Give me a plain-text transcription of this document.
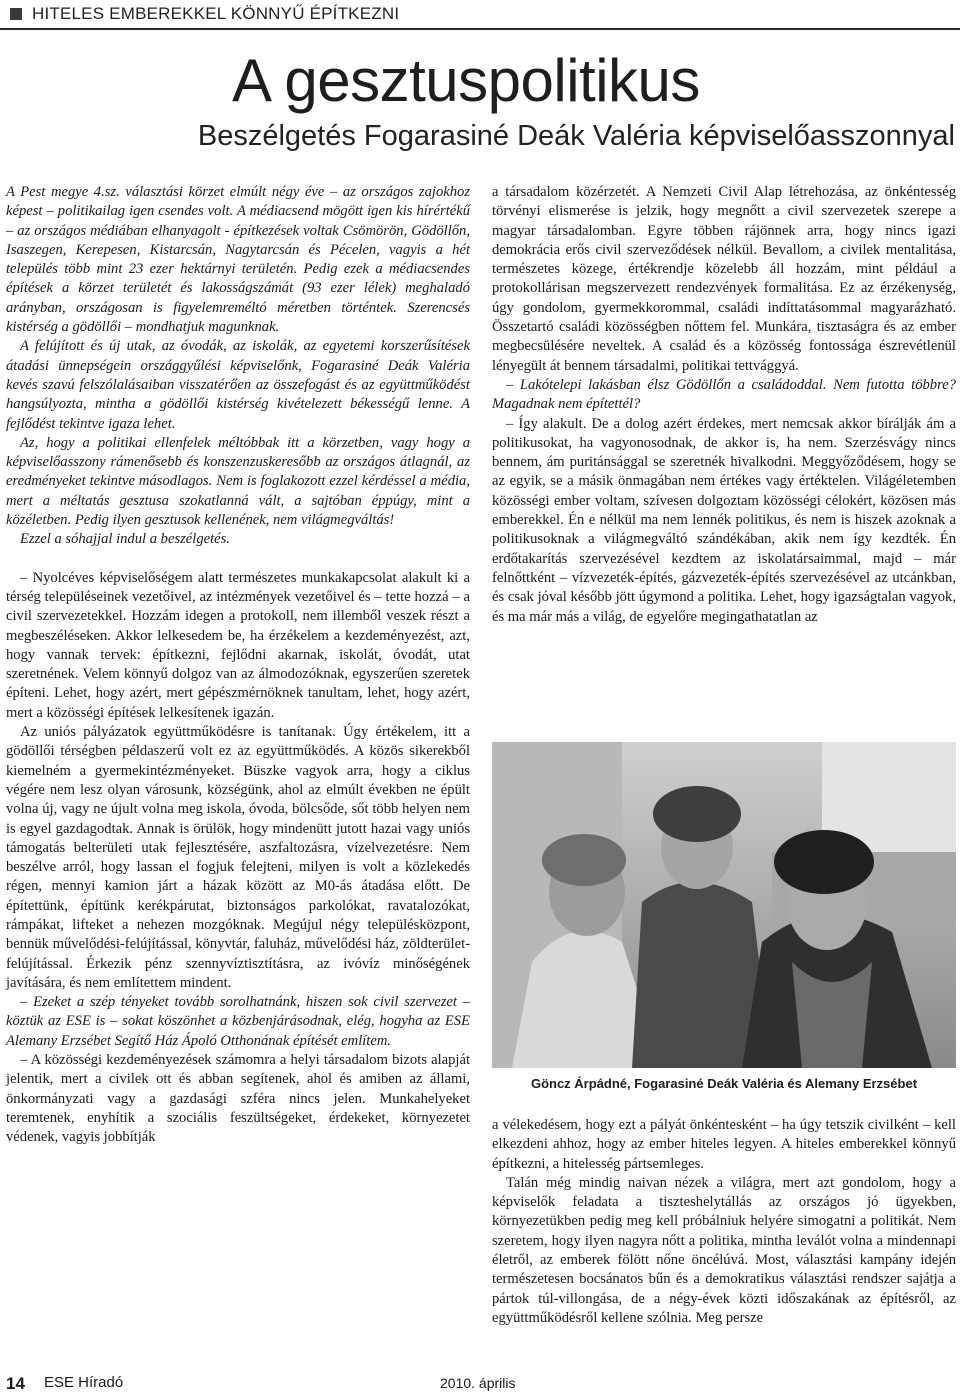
HITELES EMBEREKKEL KÖNNYŰ ÉPÍTKEZNI
A gesztuspolitikus
Beszélgetés Fogarasiné Deák Valéria képviselőasszonnyal

A Pest megye 4.sz. választási körzet elmúlt négy éve – az országos zajokhoz képest – politikailag igen csendes volt. A médiacsend mögött igen kis hírértékű – az országos médiában elhanyagolt - építkezések voltak Csömörön, Gödöllőn, Isaszegen, Kerepesen, Kistarcsán, Nagytarcsán és Pécelen, vagyis a hét település több mint 23 ezer hektárnyi területén. Pedig ezek a médiacsendes építések a körzet területét és lakosságszámát (93 ezer lélek) meghaladó arányban, országosan is figyelemreméltó méretben történtek. Szerencsés kistérség a gödöllői – mondhatjuk magunknak.

A felújított és új utak, az óvodák, az iskolák, az egyetemi korszerűsítések átadási ünnepségein országgyűlési képviselőnk, Fogarasiné Deák Valéria kevés szavú felszólalásaiban visszatérően az összefogást és az együttműködést hangsúlyozta, mintha a gödöllői kistérség kivételezett békességű lenne. A fejlődést tekintve igaza lehet.

Az, hogy a politikai ellenfelek méltóbbak itt a körzetben, vagy hogy a képviselőasszony rámenősebb és konszenzuskeresőbb az országos átlagnál, az eredményeket tekintve másodlagos. Nem is foglakozott ezzel kérdéssel a média, mert a méltatás gesztusa szokatlanná vált, a sajtóban éppúgy, mint a közéletben. Pedig ilyen gesztusok kellenének, nem világmegváltás!

Ezzel a sóhajjal indul a beszélgetés.

– Nyolcéves képviselőségem alatt természetes munkakapcsolat alakult ki a térség településeinek vezetőivel, az intézmények vezetőivel és – tette hozzá – a civil szervezetekkel. Hozzám idegen a protokoll, nem illemből veszek részt a megbeszéléseken. Akkor lelkesedem be, ha érzékelem a kezdeményezést, azt, hogy vannak tervek: építkezni, fejlődni akarnak, iskolát, óvodát, utat szeretnének. Velem könnyű dolgoz van az álmodozóknak, egyszerűen szeretek építeni. Lehet, hogy azért, mert gépészmérnöknek tanultam, lehet, hogy azért, mert a közösségi építések lelkesítenek igazán.

Az uniós pályázatok együttműködésre is tanítanak. Úgy értékelem, itt a gödöllői térségben példaszerű volt ez az együttműködés. A közös sikerekből kiemelném a gyermekintézményeket. Büszke vagyok arra, hogy a ciklus végére nem lesz olyan városunk, községünk, ahol az elmúlt években ne épült volna új, vagy ne újult volna meg iskola, óvoda, bölcsőde, sőt több helyen nem is egyel gazdagodtak. Annak is örülök, hogy mindenütt jutott hazai vagy uniós támogatás belterületi utak fejlesztésére, aszfaltozásra, vízelvezetésre. Nem beszélve arról, hogy lassan el fogjuk felejteni, milyen is volt a közlekedés régen, mennyi kamion járt a házak között az M0-ás átadása előtt. De építettünk, építünk kerékpárutat, biztonságos parkolókat, ravatalozókat, rámpákat, lifteket a nehezen mozgóknak. Megújul négy településközpont, bennük művelődési-felújítással, könyvtár, faluház, művelődési ház, zöldterület-felújítással. Érkezik pénz szennyvíztisztításra, az ivóvíz minőségének javítására, és nem említettem mindent.

– Ezeket a szép tényeket tovább sorolhatnánk, hiszen sok civil szervezet – köztük az ESE is – sokat köszönhet a közbenjárásodnak, elég, hogyha az ESE Alemany Erzsébet Segítő Ház Ápoló Otthonának építését említem.

– A közösségi kezdeményezések számomra a helyi társadalom bizots alapját jelentik, mert a civilek ott és abban segítenek, ahol és amiben az állami, önkormányzati vagy a gazdasági szféra nincs jelen. Munkahelyeket teremtenek, enyhítik a szociális feszültségeket, érdekeket, környezetet védenek, vagyis jobbítják

a társadalom közérzetét. A Nemzeti Civil Alap létrehozása, az önkéntesség törvényi elismerése is jelzik, hogy megnőtt a civil szervezetek szerepe a magyar társadalomban. Egyre többen rájönnek arra, hogy nincs igazi demokrácia erős civil szerveződések nélkül. Bevallom, a civilek mentalitása, természetes közege, értékrendje közelebb áll hozzám, mint például a protokollárisan megszervezett rendezvények formalitása. Ez az érzékenység, úgy gondolom, gyermekkorommal, családi indíttatásommal magyarázható. Összetartó családi közösségben nőttem fel. Munkára, tisztaságra és az ember megbecsülésére neveltek. A család és a közösség fontossága észrevétlenül lényegült át bennem társadalmi, politikai tettvággyá.

– Lakótelepi lakásban élsz Gödöllőn a családoddal. Nem futotta többre? Magadnak nem építettél?

– Így alakult. De a dolog azért érdekes, mert nemcsak akkor bírálják ám a politikusokat, ha vagyonosodnak, de akkor is, ha nem. Szerzésvágy nincs bennem, ám puritánsággal se szeretnék hivalkodni. Meggyőződésem, hogy se az egyik, se a másik önmagában nem értékes vagy értéktelen. Világéletemben közösségi ember voltam, szívesen dolgoztam közösségi célokért, közösen más emberekkel. Én e nélkül ma nem lennék politikus, és nem is hiszek azoknak a politikusoknak a világmegváltó szándékában, akik nem így kezdték. Én erdőtakarítás szervezésével kezdtem az iskolatársaimmal, majd – már felnőttként – vízvezeték-építés, gázvezeték-építés szervezésével az utcánkban, és csak jóval később jött úgymond a politika. Lehet, hogy igazságtalan vagyok, és ma már más a világ, de egyelőre megingathatatlan az

Göncz Árpádné, Fogarasiné Deák Valéria és Alemany Erzsébet

a vélekedésem, hogy ezt a pályát önkéntesként – ha úgy tetszik civilként – kell elkezdeni ahhoz, hogy az ember hiteles legyen. A hiteles emberekkel könnyű építkezni, a hitelesség pártsemleges.

Talán még mindig naivan nézek a világra, mert azt gondolom, hogy a képviselők feladata a tiszteshelytállás az országos jó ügyekben, környezetükben pedig meg kell próbálniuk helyére simogatni a politikát. Nem szeretem, hogy ilyen nagyra nőtt a politika, mintha leválót volna a mindennapi életről, az emberek fölött nőne öncélúvá. Most, választási kampány idején természetesen bocsánatos bűn és a demokratikus választási rendszer sajátja a pártok túl-villongása, de a négy-évek közti időszakának az építésről, az együttműködésről kellene szólnia. Meg persze

14 ESE Híradó	2010. április
